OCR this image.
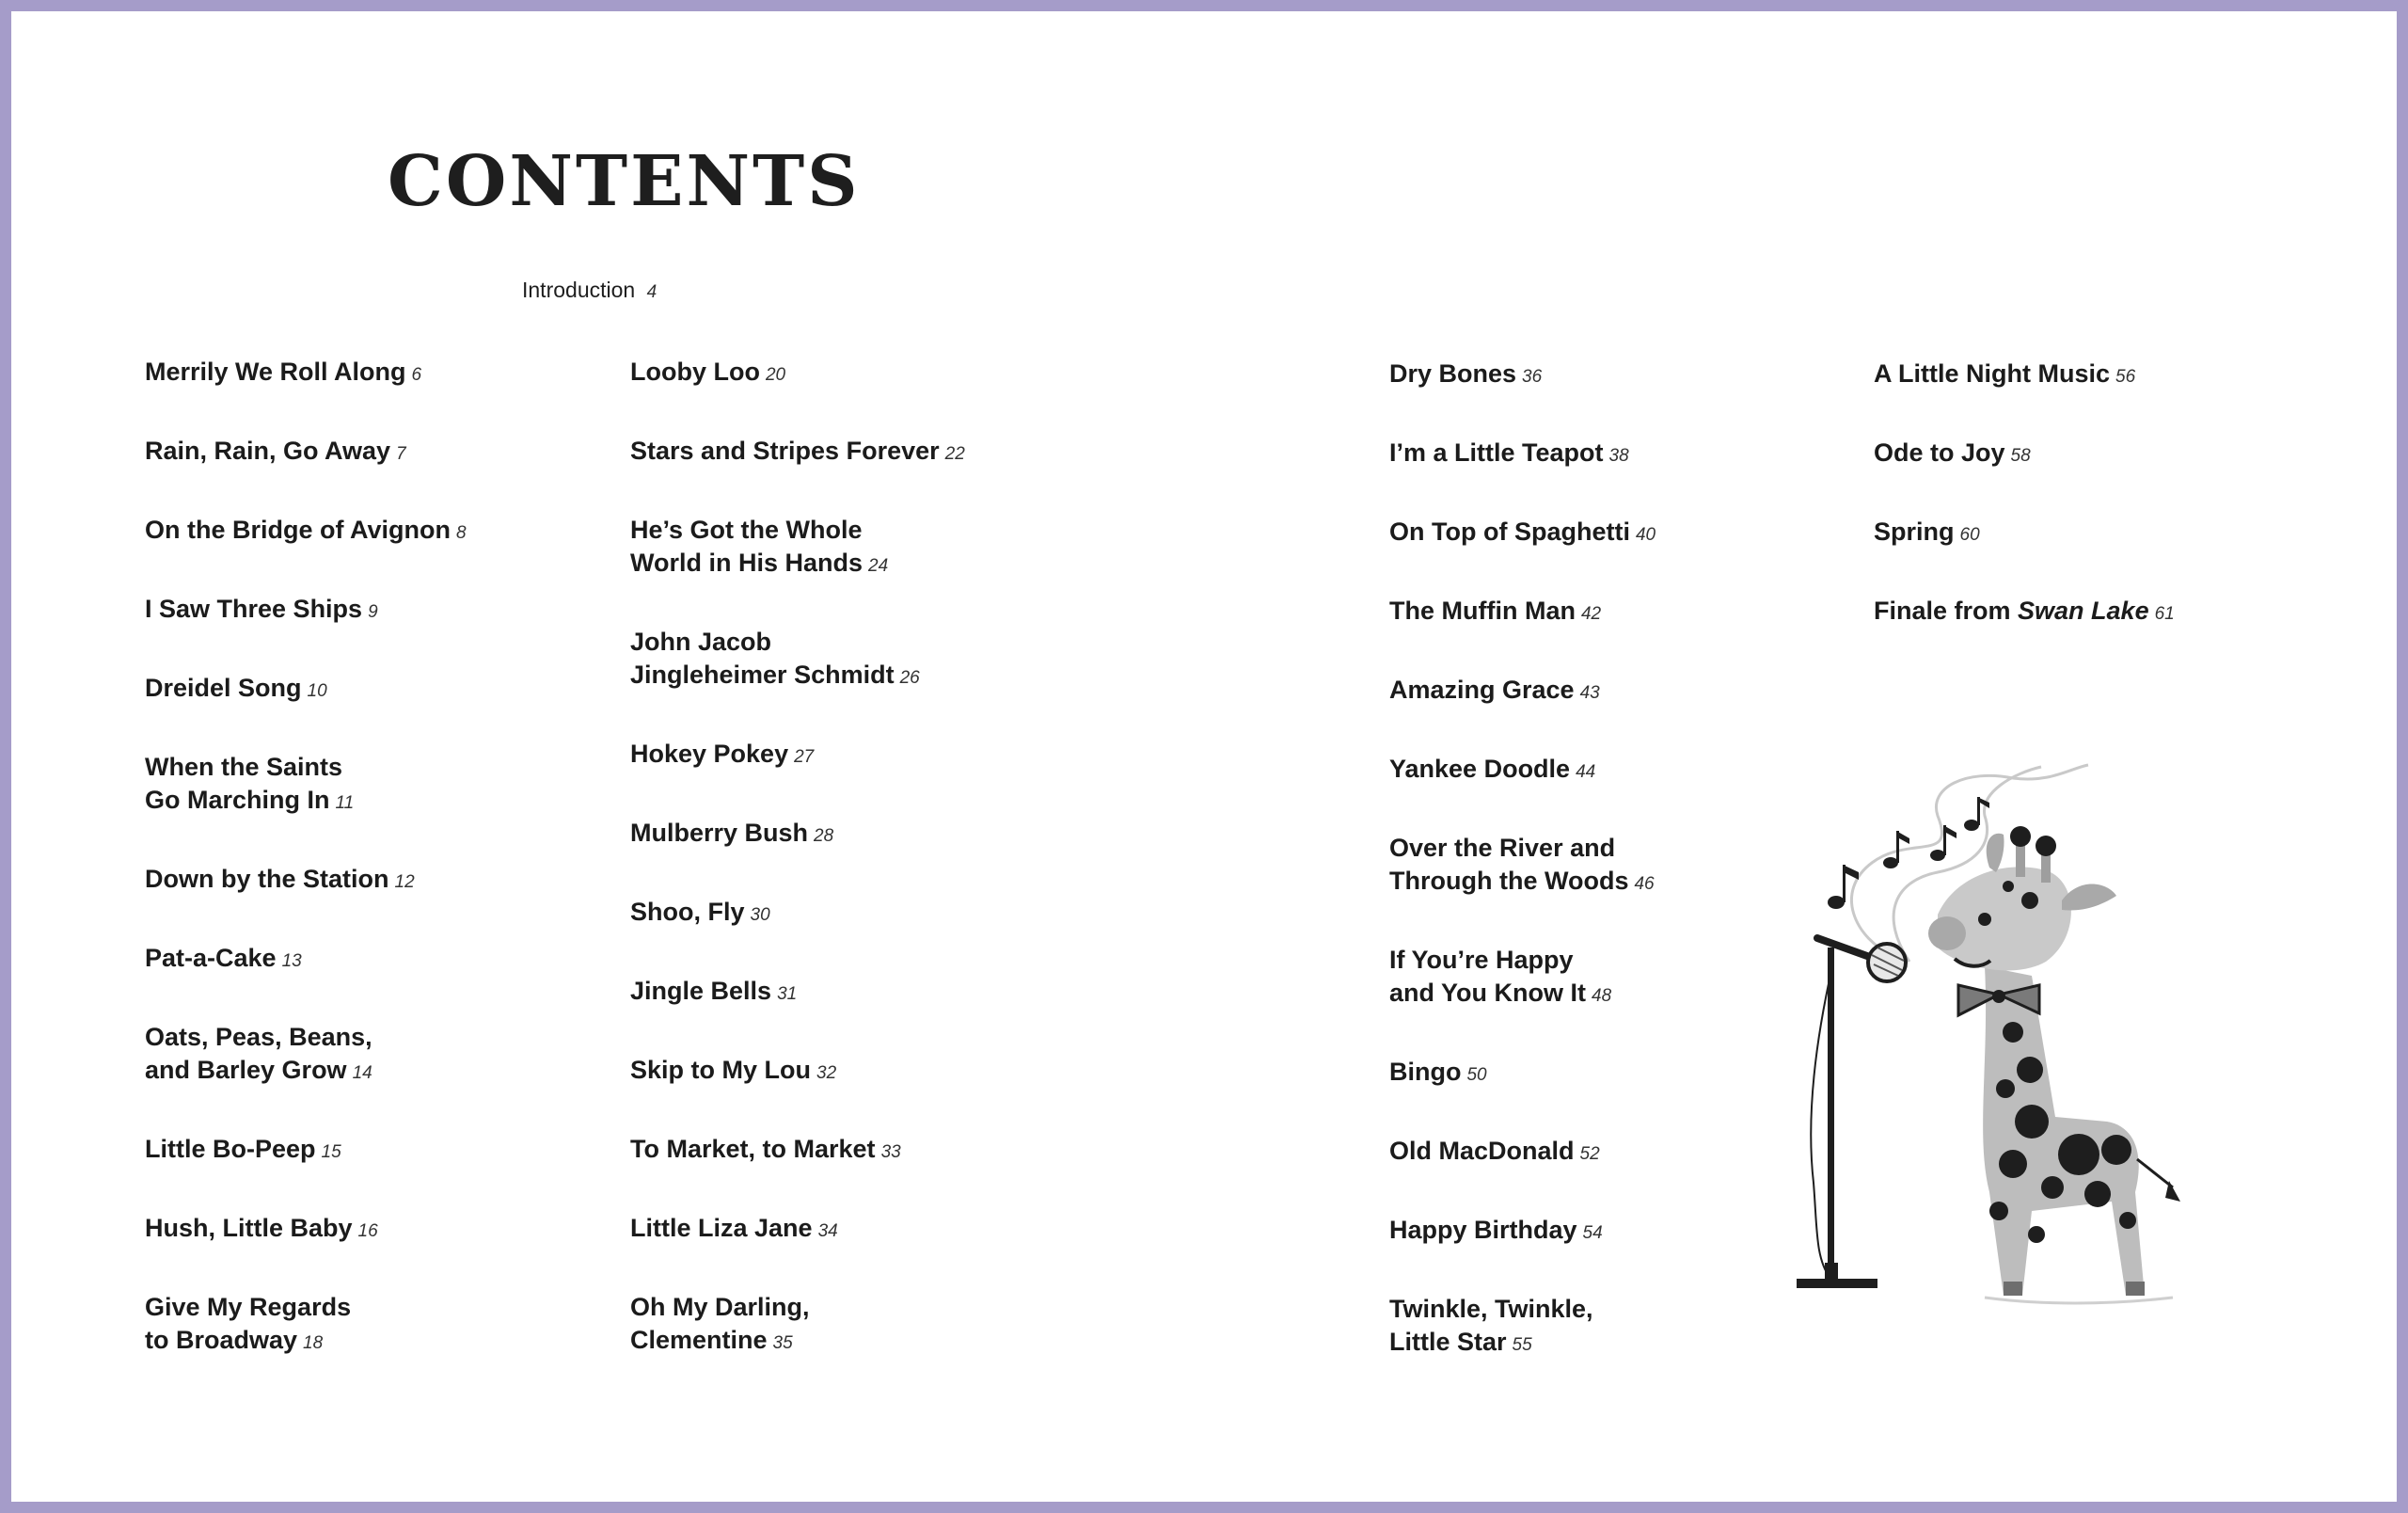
CONTENTS
Introduction 4
Merrily We Roll Along 6
Rain, Rain, Go Away 7
On the Bridge of Avignon 8
I Saw Three Ships 9
Dreidel Song 10
When the Saints
Go Marching In 11
Down by the Station 12
Pat-a-Cake 13
Oats, Peas, Beans,
and Barley Grow 14
Little Bo-Peep 15
Hush, Little Baby 16
Give My Regards
to Broadway 18
Looby Loo 20
Stars and Stripes Forever 22
He’s Got the Whole
World in His Hands 24
John Jacob
Jingleheimer Schmidt 26
Hokey Pokey 27
Mulberry Bush 28
Shoo, Fly 30
Jingle Bells 31
Skip to My Lou 32
To Market, to Market 33
Little Liza Jane 34
Oh My Darling,
Clementine 35
Dry Bones 36
I’m a Little Teapot 38
On Top of Spaghetti 40
The Muffin Man 42
Amazing Grace 43
Yankee Doodle 44
Over the River and
Through the Woods 46
If You’re Happy
and You Know It 48
Bingo 50
Old MacDonald 52
Happy Birthday 54
Twinkle, Twinkle,
Little Star 55
A Little Night Music 56
Ode to Joy 58
Spring 60
Finale from Swan Lake 61
